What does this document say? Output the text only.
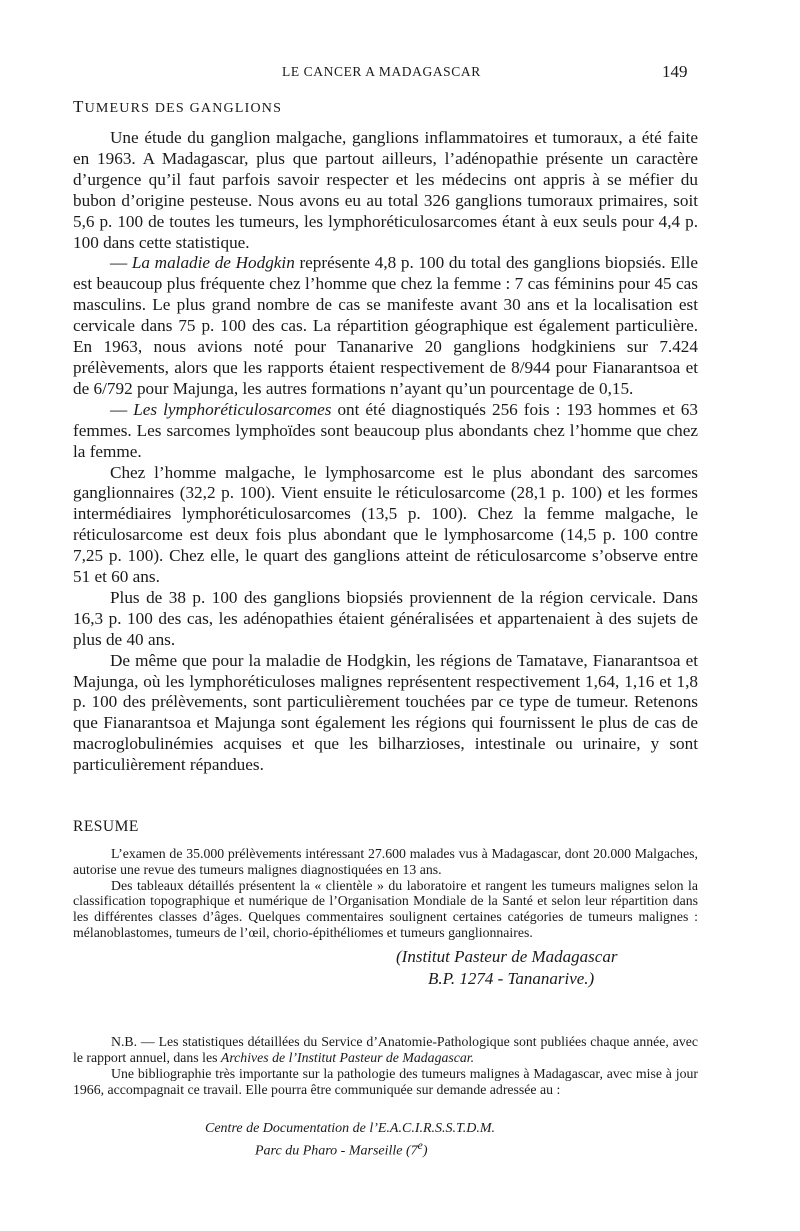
LE CANCER A MADAGASCAR	149
TUMEURS DES GANGLIONS

Une étude du ganglion malgache, ganglions inflammatoires et tumoraux, a été faite en 1963. A Madagascar, plus que partout ailleurs, l’adénopathie présente un caractère d’urgence qu’il faut parfois savoir respecter et les médecins ont appris à se méfier du bubon d’origine pesteuse. Nous avons eu au total 326 ganglions tumoraux primaires, soit 5,6 p. 100 de toutes les tumeurs, les lymphoréticulosarcomes étant à eux seuls pour 4,4 p. 100 dans cette statistique.

— La maladie de Hodgkin représente 4,8 p. 100 du total des ganglions biopsiés. Elle est beaucoup plus fréquente chez l’homme que chez la femme : 7 cas féminins pour 45 cas masculins. Le plus grand nombre de cas se manifeste avant 30 ans et la localisation est cervicale dans 75 p. 100 des cas. La répartition géographique est également particulière. En 1963, nous avions noté pour Tananarive 20 ganglions hodgkiniens sur 7.424 prélèvements, alors que les rapports étaient respectivement de 8/944 pour Fianarantsoa et de 6/792 pour Majunga, les autres formations n’ayant qu’un pourcentage de 0,15.

— Les lymphoréticulosarcomes ont été diagnostiqués 256 fois : 193 hommes et 63 femmes. Les sarcomes lymphoïdes sont beaucoup plus abondants chez l’homme que chez la femme.

Chez l’homme malgache, le lymphosarcome est le plus abondant des sarcomes ganglionnaires (32,2 p. 100). Vient ensuite le réticulosarcome (28,1 p. 100) et les formes intermédiaires lymphoréticulosarcomes (13,5 p. 100). Chez la femme malgache, le réticulosarcome est deux fois plus abondant que le lymphosarcome (14,5 p. 100 contre 7,25 p. 100). Chez elle, le quart des ganglions atteint de réticulosarcome s’observe entre 51 et 60 ans.

Plus de 38 p. 100 des ganglions biopsiés proviennent de la région cervicale. Dans 16,3 p. 100 des cas, les adénopathies étaient généralisées et appartenaient à des sujets de plus de 40 ans.

De même que pour la maladie de Hodgkin, les régions de Tamatave, Fianarantsoa et Majunga, où les lymphoréticuloses malignes représentent respectivement 1,64, 1,16 et 1,8 p. 100 des prélèvements, sont particulièrement touchées par ce type de tumeur. Retenons que Fianarantsoa et Majunga sont également les régions qui fournissent le plus de cas de macroglobulinémies acquises et que les bilharzioses, intestinale ou urinaire, y sont particulièrement répandues.

RESUME

L’examen de 35.000 prélèvements intéressant 27.600 malades vus à Madagascar, dont 20.000 Malgaches, autorise une revue des tumeurs malignes diagnostiquées en 13 ans.

Des tableaux détaillés présentent la « clientèle » du laboratoire et rangent les tumeurs malignes selon la classification topographique et numérique de l’Organisation Mondiale de la Santé et selon leur répartition dans les différentes classes d’âges. Quelques commentaires soulignent certaines catégories de tumeurs malignes : mélanoblastomes, tumeurs de l’œil, chorio-épithéliomes et tumeurs ganglionnaires.

(Institut Pasteur de Madagascar
B.P. 1274 - Tananarive.)

N.B. — Les statistiques détaillées du Service d’Anatomie-Pathologique sont publiées chaque année, avec le rapport annuel, dans les Archives de l’Institut Pasteur de Madagascar.

Une bibliographie très importante sur la pathologie des tumeurs malignes à Madagascar, avec mise à jour 1966, accompagnait ce travail. Elle pourra être communiquée sur demande adressée au :

Centre de Documentation de l’E.A.C.I.R.S.S.T.D.M.
Parc du Pharo - Marseille (7e)
